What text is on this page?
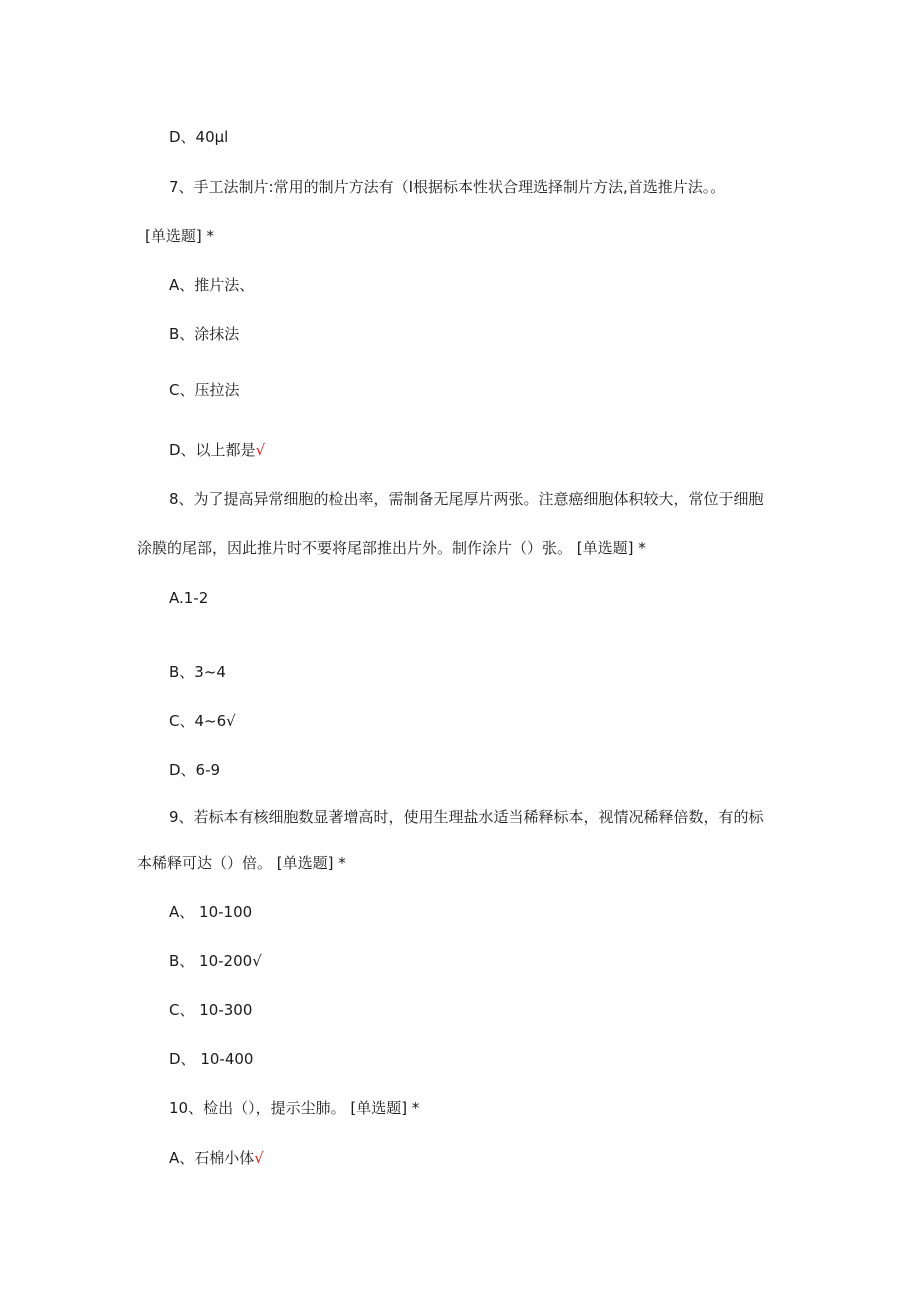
D、40μl
7、手工法制片:常用的制片方法有（I根据标本性状合理选择制片方法,首选推片法。。
[单选题] *
A、推片法、
B、涂抹法
C、压拉法
D、以上都是√
8、为了提高异常细胞的检出率，需制备无尾厚片两张。注意癌细胞体积较大，常位于细胞
涂膜的尾部，因此推片时不要将尾部推出片外。制作涂片（）张。 [单选题] *
A.1-2
B、3~4
C、4~6√
D、6-9
9、若标本有核细胞数显著增高时，使用生理盐水适当稀释标本，视情况稀释倍数，有的标
本稀释可达（）倍。 [单选题] *
A、 10-100
B、 10-200√
C、 10-300
D、 10-400
10、检出（），提示尘肺。 [单选题] *
A、石棉小体√
